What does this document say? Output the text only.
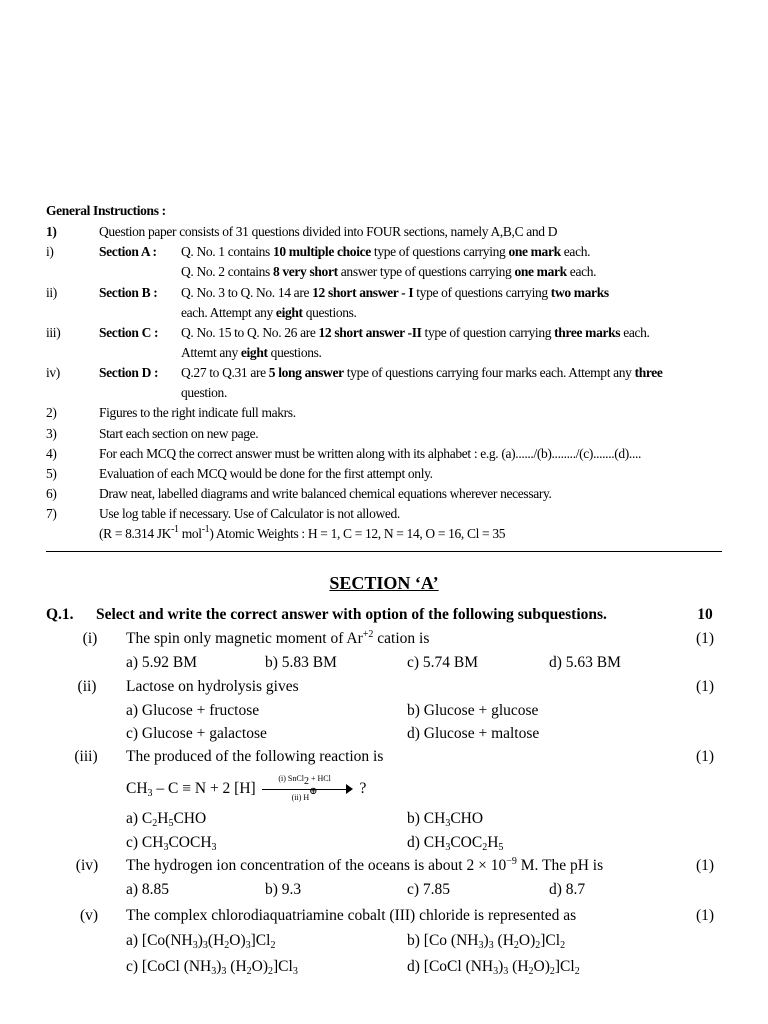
General Instructions :
1)	Question paper consists of 31 questions divided into FOUR sections, namely A,B,C and D
i)	Section A : Q. No. 1 contains 10 multiple choice type of questions carrying one mark each.
Q. No. 2 contains 8 very short answer type of questions carrying one mark each.
ii)	Section B : Q. No. 3 to Q. No. 14 are 12 short answer - I type of questions carrying two marks
each. Attempt any eight questions.
iii)	Section C : Q. No. 15 to Q. No. 26 are 12 short answer -II type of question carrying three marks each.
Attemt any eight questions.
iv)	Section D : Q.27 to Q.31 are 5 long answer type of questions carrying four marks each. Attempt any three
question.
2)	Figures to the right indicate full makrs.
3)	Start each section on new page.
4)	For each MCQ the correct answer must be written along with its alphabet : e.g. (a)....../(b)......../(c).......(d)....
5)	Evaluation of each MCQ would be done for the first attempt only.
6)	Draw neat, labelled diagrams and write balanced chemical equations wherever necessary.
7)	Use log table if necessary. Use of Calculator is not allowed.
(R = 8.314 $JK^{-1}$ mol$^{-1}$) Atomic Weights : H = 1, C = 12, N = 14, O = 16, Cl = 35
SECTION ‘A’
Q.1. Select and write the correct answer with option of the following subquestions.	10
(i)	The spin only magnetic moment of $Ar^{+2}$ cation is	(1)
a) 5.92 BM	b) 5.83 BM	c) 5.74 BM	d) 5.63 BM
(ii)	Lactose on hydrolysis gives	(1)
a) Glucose + fructose	b) Glucose + glucose
c) Glucose + galactose	d) Glucose + maltose
(iii)	The produced of the following reaction is	(1)
$CH_3 - C \equiv N + 2$ [H]
(i) SnCl$_2$ + HCl
(ii) H⊕	?
a) $C_2H_5CHO$	b) $CH_3CHO$
c) $CH_3COCH_3$	d) $CH_3COC_2H_5$
(iv)	The hydrogen ion concentration of the oceans is about $2 \times 10^{-9}$ M. The pH is	(1)
a) 8.85	b) 9.3	c) 7.85	d) 8.7
(v)	The complex chlorodiaquatriamine cobalt (III) chloride is represented as	(1)
a) $[Co(NH_3)_3(H_2O)_3]Cl_2$	b) [Co $(NH_3)_3$ $(H_2O)_2]Cl_2$
c) [CoCl $(NH_3)_3$ $(H_2O)_2]Cl_3$	d) [CoCl $(NH_3)_3$ $(H_2O)_2]Cl_2$
